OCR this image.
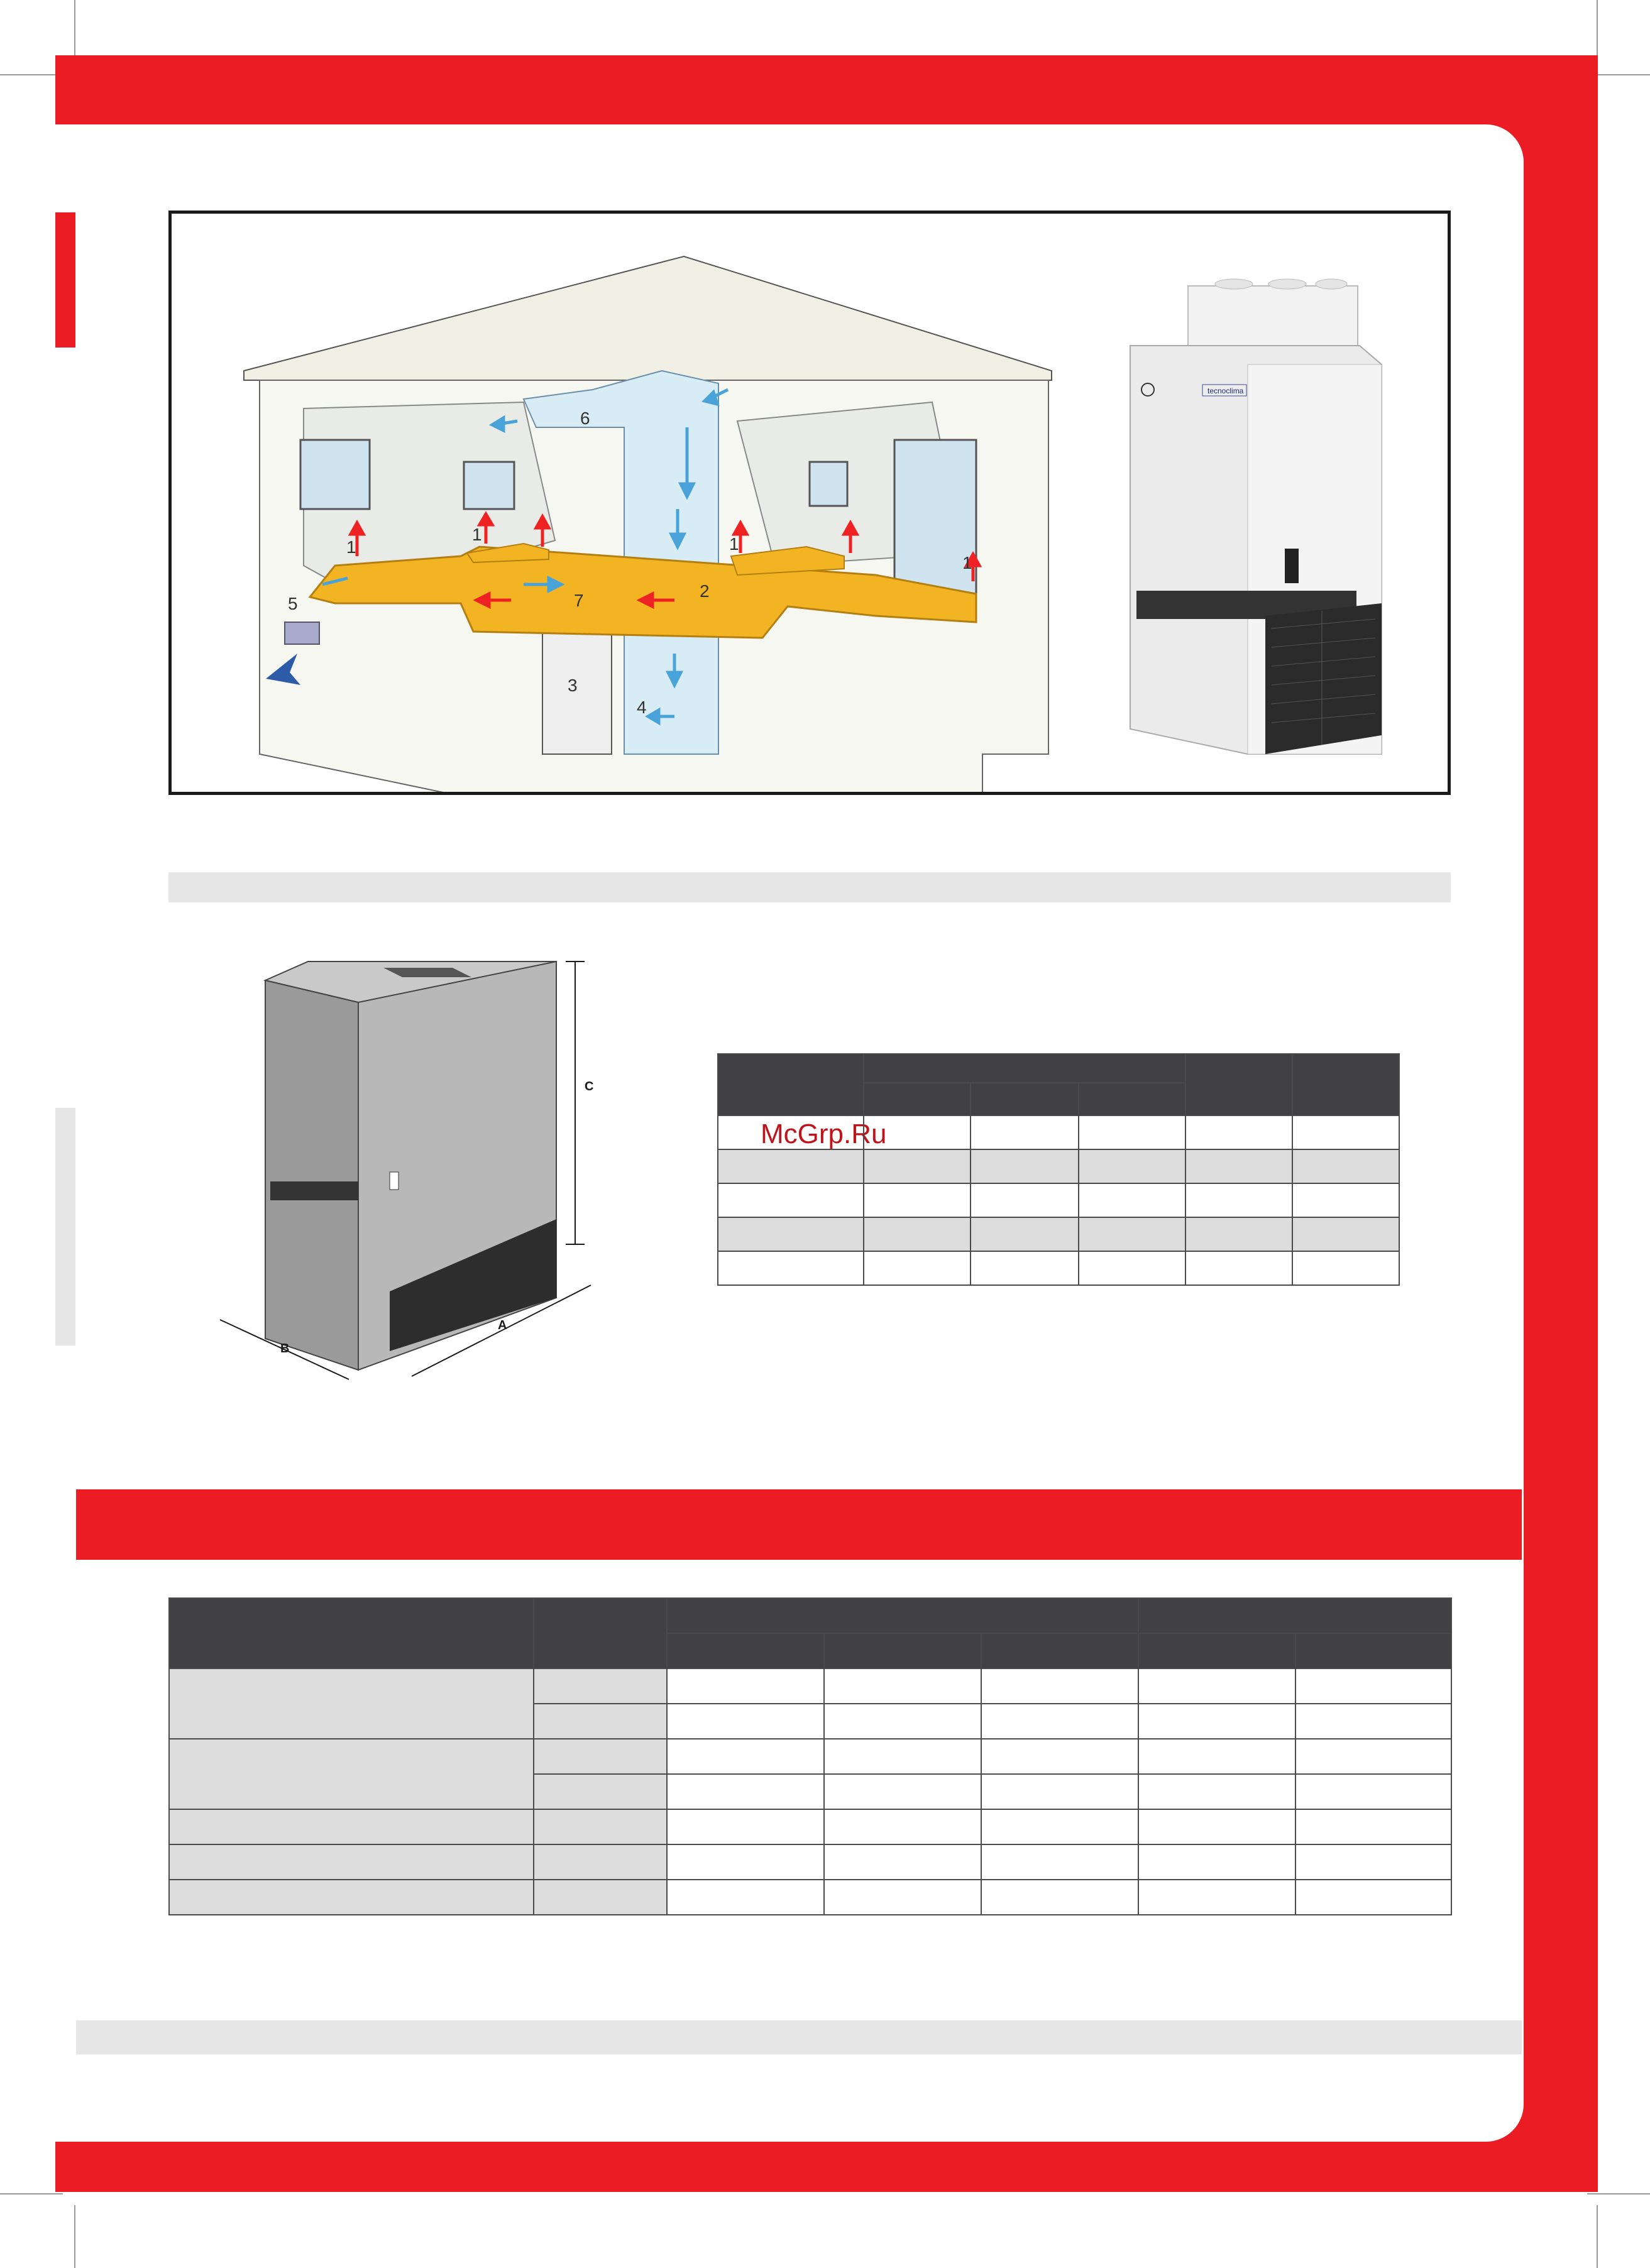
1
1	1
1
2
3
4
5
6
7
tecnoclima
C
A
B
McGrp.Ru
